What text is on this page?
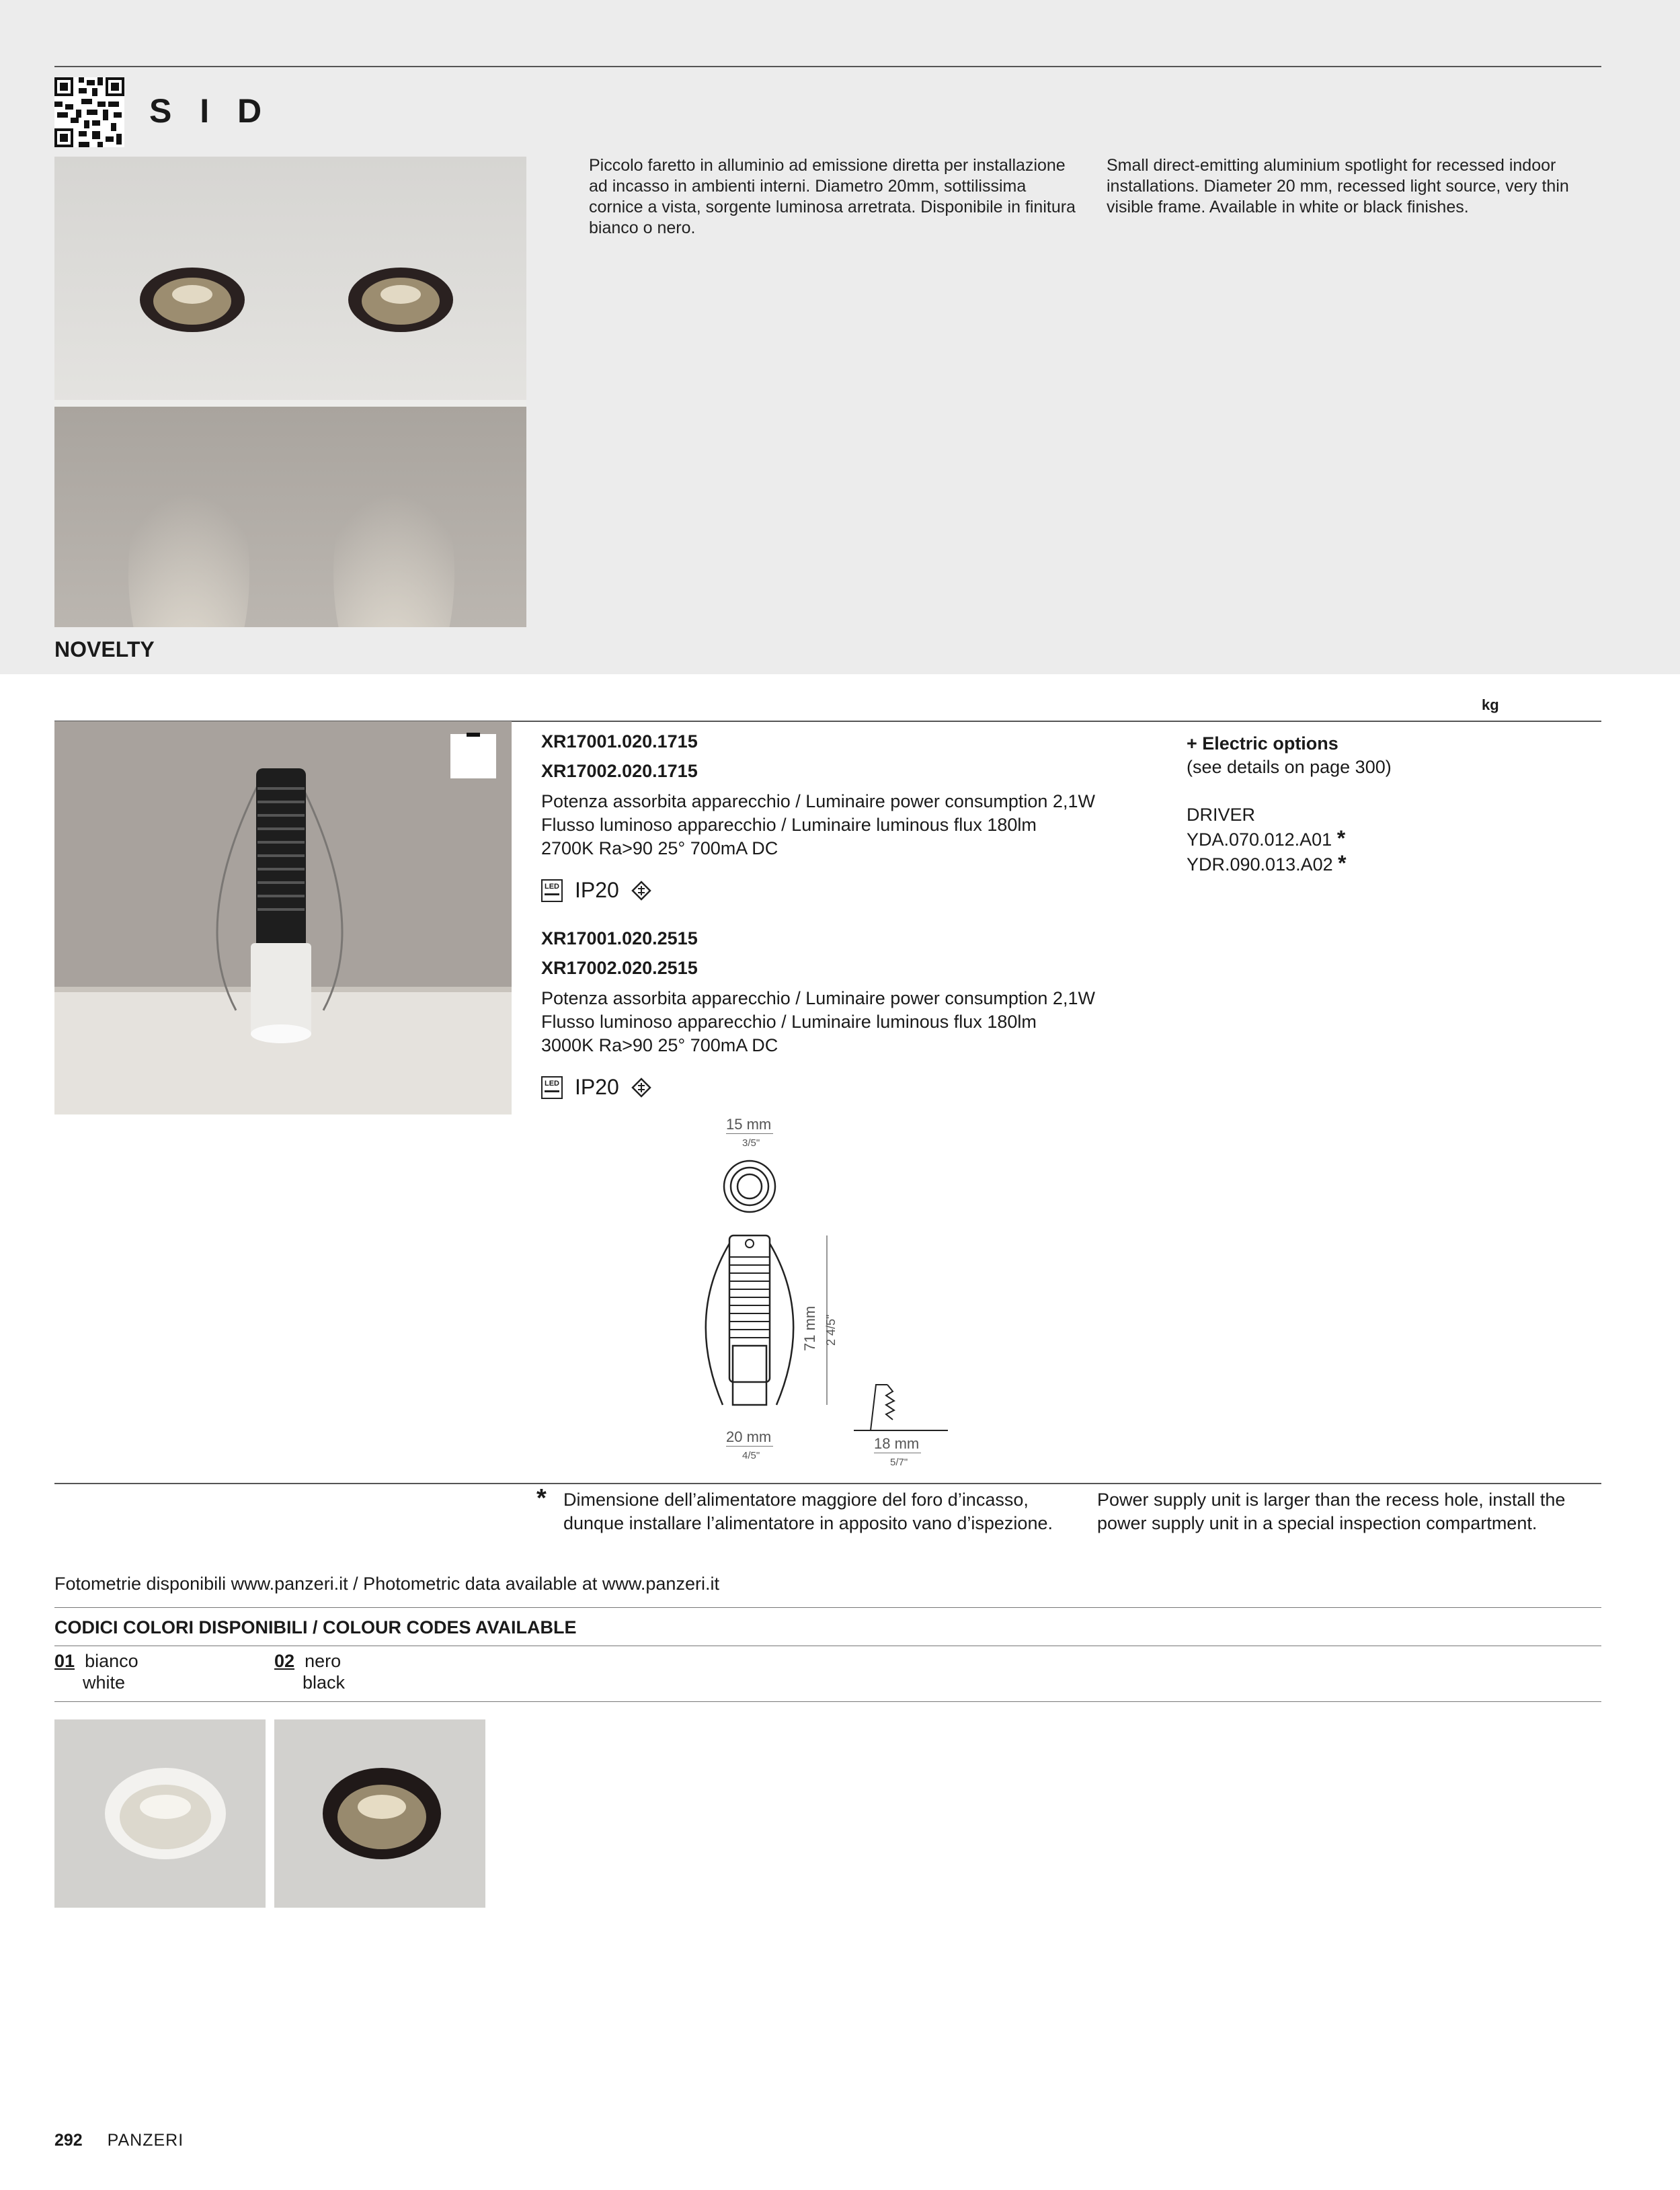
S I D
Piccolo faretto in alluminio ad emissione diretta per installazione
ad incasso in ambienti interni. Diametro 20mm, sottilissima
cornice a vista, sorgente luminosa arretrata. Disponibile in finitura
bianco o nero.
Small direct-emitting aluminium spotlight for recessed indoor
installations. Diameter 20 mm, recessed light source, very thin
visible frame. Available in white or black finishes.
NOVELTY
kg
XR17001.020.1715
XR17002.020.1715
Potenza assorbita apparecchio / Luminaire power consumption 2,1W
Flusso luminoso apparecchio / Luminaire luminous flux 180lm
2700K Ra>90 25° 700mA DC
LED IP20
XR17001.020.2515
XR17002.020.2515
Potenza assorbita apparecchio / Luminaire power consumption 2,1W
Flusso luminoso apparecchio / Luminaire luminous flux 180lm
3000K Ra>90 25° 700mA DC
LED IP20
+ Electric options
(see details on page 300)
DRIVER
YDA.070.012.A01 *
YDR.090.013.A02 *
15 mm
3/5"
71 mm 2 4/5"
20 mm
4/5"
18 mm
5/7"
* Dimensione dell’alimentatore maggiore del foro d’incasso,
dunque installare l’alimentatore in apposito vano d’ispezione.
Power supply unit is larger than the recess hole, install the
power supply unit in a special inspection compartment.
Fotometrie disponibili www.panzeri.it / Photometric data available at www.panzeri.it
CODICI COLORI DISPONIBILI / COLOUR CODES AVAILABLE
01 bianco
white
02 nero
black
292 PANZERI
